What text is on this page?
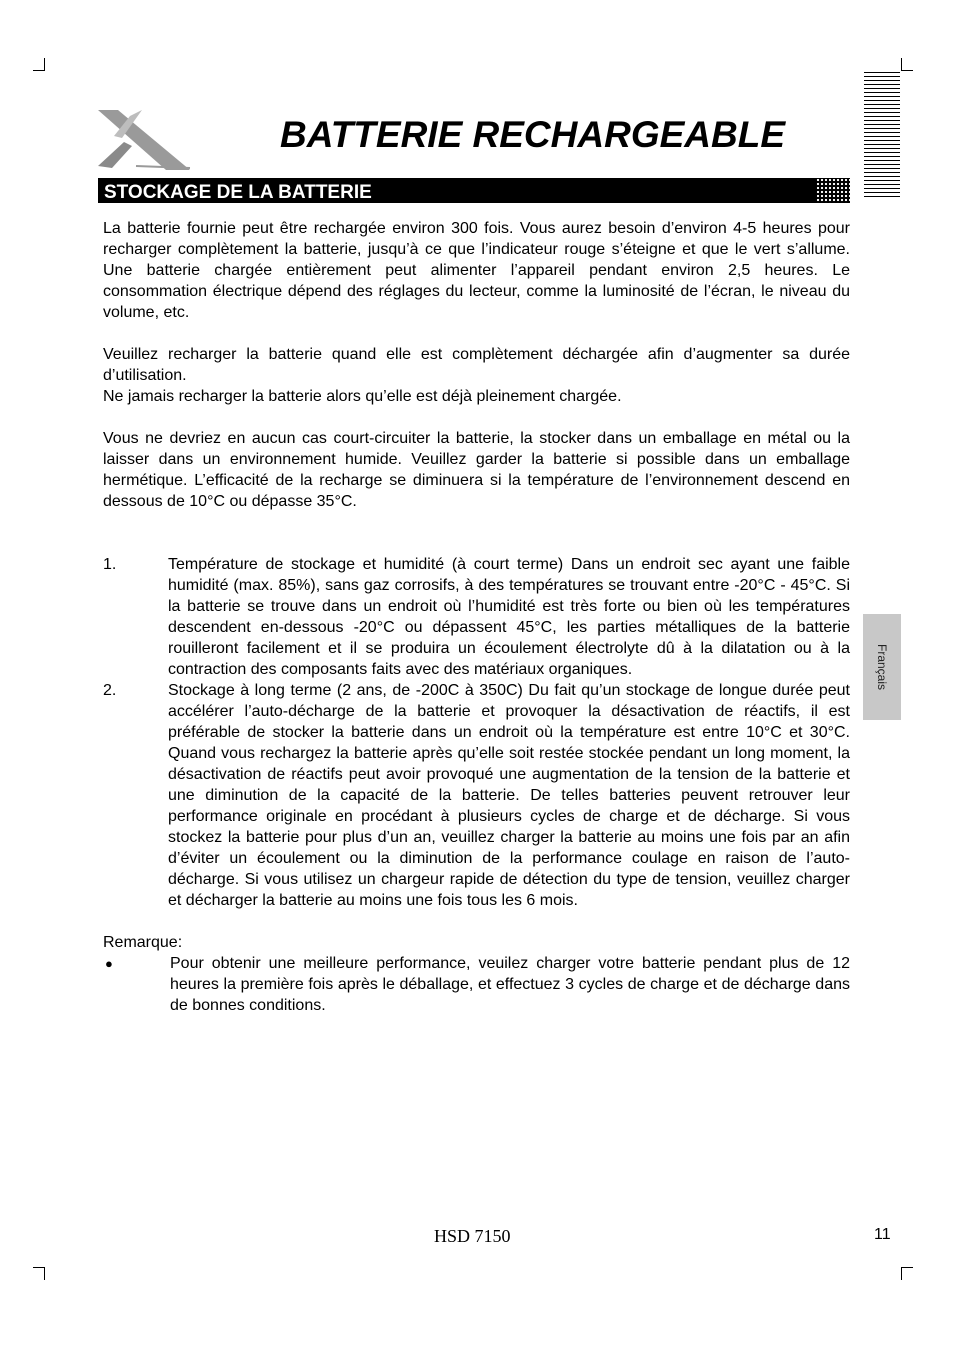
BATTERIE RECHARGEABLE
STOCKAGE DE LA BATTERIE

La batterie fournie peut être rechargée environ 300 fois. Vous aurez besoin d’environ 4-5 heures pour recharger complètement la batterie, jusqu’à ce que l’indicateur rouge s’éteigne et que le vert s’allume. Une batterie chargée entièrement peut alimenter l’appareil pendant environ 2,5 heures. Le consommation électrique dépend des réglages du lecteur, comme la luminosité de l’écran, le niveau du volume, etc.

Veuillez recharger la batterie quand elle est complètement déchargée afin d’augmenter sa durée d’utilisation.

Ne jamais recharger la batterie alors qu’elle est déjà pleinement chargée.

Vous ne devriez en aucun cas court-circuiter la batterie, la stocker dans un emballage en métal ou la laisser dans un environnement humide. Veuillez garder la batterie si possible dans un emballage hermétique. L’efficacité de la recharge se diminuera si la température de l’environnement descend en dessous de 10°C ou dépasse 35°C.

1.	Température de stockage et humidité (à court terme) Dans un endroit sec ayant une faible humidité (max. 85%), sans gaz corrosifs, à des températures se trouvant entre -20°C - 45°C. Si la batterie se trouve dans un endroit où l’humidité est très forte ou bien où les températures descendent en-dessous -20°C ou dépassent 45°C, les parties métalliques de la batterie rouilleront facilement et il se produira un écoulement électrolyte dû à la dilatation ou à la contraction des composants faits avec des matériaux organiques.
2.	Stockage à long terme (2 ans, de -200C à 350C) Du fait qu’un stockage de longue durée peut accélérer l’auto-décharge de la batterie et provoquer la désactivation de réactifs, il est préférable de stocker la batterie dans un endroit où la température est entre 10°C et 30°C. Quand vous rechargez la batterie après qu’elle soit restée stockée pendant un long moment, la désactivation de réactifs peut avoir provoqué une augmentation de la tension de la batterie et une diminution de la capacité de la batterie. De telles batteries peuvent retrouver leur performance originale en procédant à plusieurs cycles de charge et de décharge. Si vous stockez la batterie pour plus d’un an, veuillez charger la batterie au moins une fois par an afin d’éviter un écoulement ou la diminution de la performance coulage en raison de l’auto-décharge. Si vous utilisez un chargeur rapide de détection du type de tension, veuillez charger et décharger la batterie au moins une fois tous les 6 mois.

Remarque:

●	Pour obtenir une meilleure performance, veuilez charger votre batterie pendant plus de 12 heures la première fois après le déballage, et effectuez 3 cycles de charge et de décharge dans de bonnes conditions.
Français
HSD 7150	11
